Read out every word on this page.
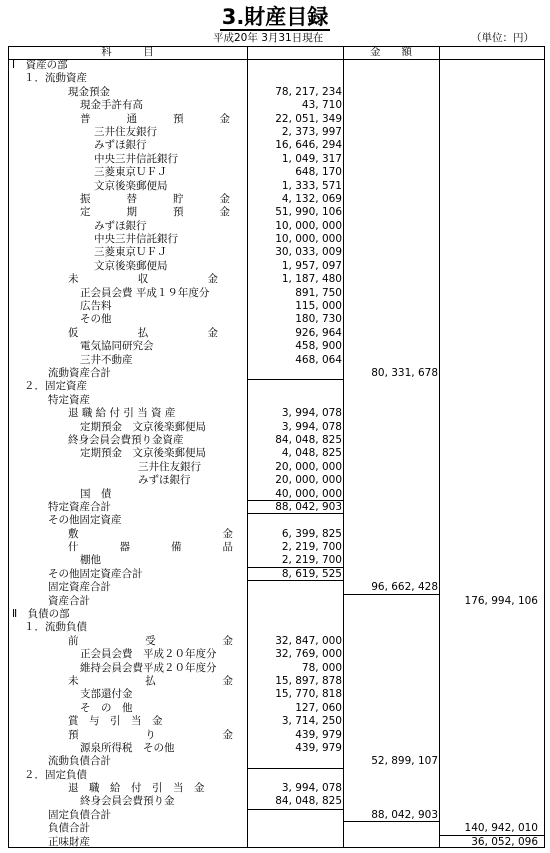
3.財産目録
平成20年 3月31日現在	（単位：円）
科　　　目	金　　額
Ⅰ　資産の部
１．流動資産
現金預金	78, 217, 234
現金手許有高	43, 710
普	通	預	金	22, 051, 349
三井住友銀行	2, 373, 997
みずほ銀行	16, 646, 294
中央三井信託銀行	1, 049, 317
三菱東京ＵＦＪ	648, 170
文京後楽郵便局	1, 333, 571
振	替	貯	金	4, 132, 069
定	期	預	金	51, 990, 106
みずほ銀行	10, 000, 000
中央三井信託銀行	10, 000, 000
三菱東京ＵＦＪ	30, 033, 009
文京後楽郵便局	1, 957, 097
未	収	金	1, 187, 480
正会員会費 平成１９年度分	891, 750
広告料	115, 000
その他	180, 730
仮	払	金	926, 964
電気協同研究会	458, 900
三井不動産	468, 064
流動資産合計	80, 331, 678
２．固定資産
特定資産
退 職 給 付 引 当 資 産	3, 994, 078
定期預金　文京後楽郵便局	3, 994, 078
終身会員会費預り金資産	84, 048, 825
定期預金　文京後楽郵便局	4, 048, 825
三井住友銀行	20, 000, 000
みずほ銀行	20, 000, 000
国　債	40, 000, 000
特定資産合計	88, 042, 903
その他固定資産
敷	金	6, 399, 825
什	器	備	品	2, 219, 700
棚他	2, 219, 700
その他固定資産合計	8, 619, 525
固定資産合計	96, 662, 428
資産合計	176, 994, 106
Ⅱ　負債の部
１．流動負債
前	受	金	32, 847, 000
正会員会費　平成２０年度分	32, 769, 000
維持会員会費平成２０年度分	78, 000
未	払	金	15, 897, 878
支部還付金	15, 770, 818
そ　の　他	127, 060
賞　与　引　当　金	3, 714, 250
預	り	金	439, 979
源泉所得税　その他	439, 979
流動負債合計	52, 899, 107
２．固定負債
退　職　給　付　引　当　金	3, 994, 078
終身会員会費預り金	84, 048, 825
固定負債合計	88, 042, 903
負債合計	140, 942, 010
正味財産	36, 052, 096
